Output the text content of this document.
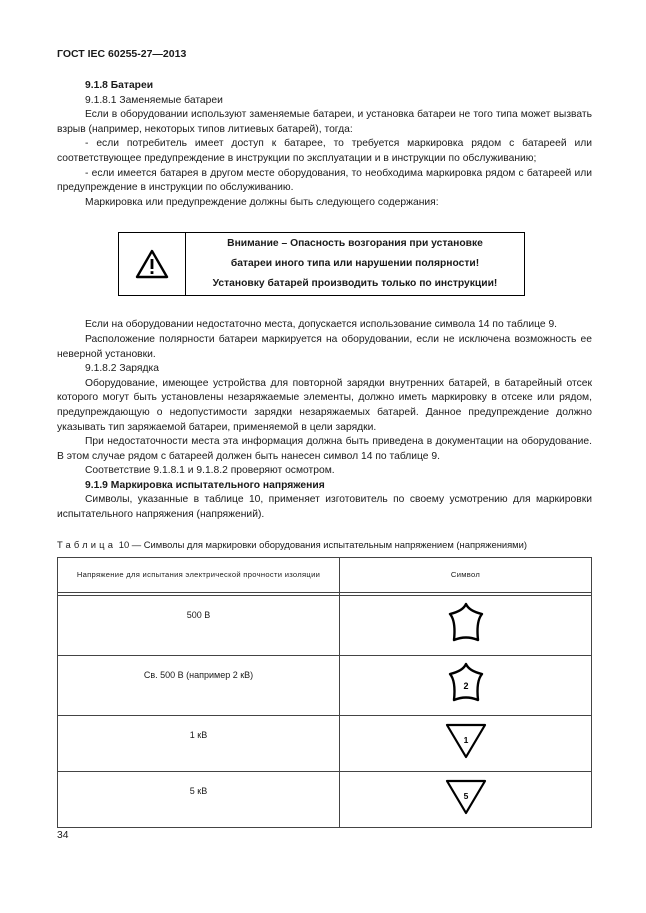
ГОСТ IEC 60255-27—2013

9.1.8 Батареи

9.1.8.1 Заменяемые батареи

Если в оборудовании используют заменяемые батареи, и установка батареи не того типа может вызвать взрыв (например, некоторых типов литиевых батарей), тогда:

- если потребитель имеет доступ к батарее, то требуется маркировка рядом с батареей или соответствующее предупреждение в инструкции по эксплуатации и в инструкции по обслуживанию;

- если имеется батарея в другом месте оборудования, то необходима маркировка рядом с батареей или предупреждение в инструкции по обслуживанию.

Маркировка или предупреждение должны быть следующего содержания:

Внимание – Опасность возгорания при установке
батареи иного типа или нарушении полярности!
Установку батарей производить только по инструкции!

Если на оборудовании недостаточно места, допускается использование символа 14 по таблице 9.

Расположение полярности батареи маркируется на оборудовании, если не исключена возможность ее неверной установки.

9.1.8.2 Зарядка

Оборудование, имеющее устройства для повторной зарядки внутренних батарей, в батарейный отсек которого могут быть установлены незаряжаемые элементы, должно иметь маркировку в отсеке или рядом, предупреждающую о недопустимости зарядки незаряжаемых батарей. Данное предупреждение должно указывать тип заряжаемой батареи, применяемой в цели зарядки.

При недостаточности места эта информация должна быть приведена в документации на оборудование. В этом случае рядом с батареей должен быть нанесен символ 14 по таблице 9.

Соответствие 9.1.8.1 и 9.1.8.2 проверяют осмотром.

9.1.9 Маркировка испытательного напряжения

Символы, указанные в таблице 10, применяет изготовитель по своему усмотрению для маркировки испытательного напряжения (напряжений).

Таблица 10 — Символы для маркировки оборудования испытательным напряжением (напряжениями)
Напряжение для испытания электрической прочности изоляции	Символ

500 В	
Св. 500 В (например 2 кВ)	2

1 кВ	1

5 кВ	5
34
